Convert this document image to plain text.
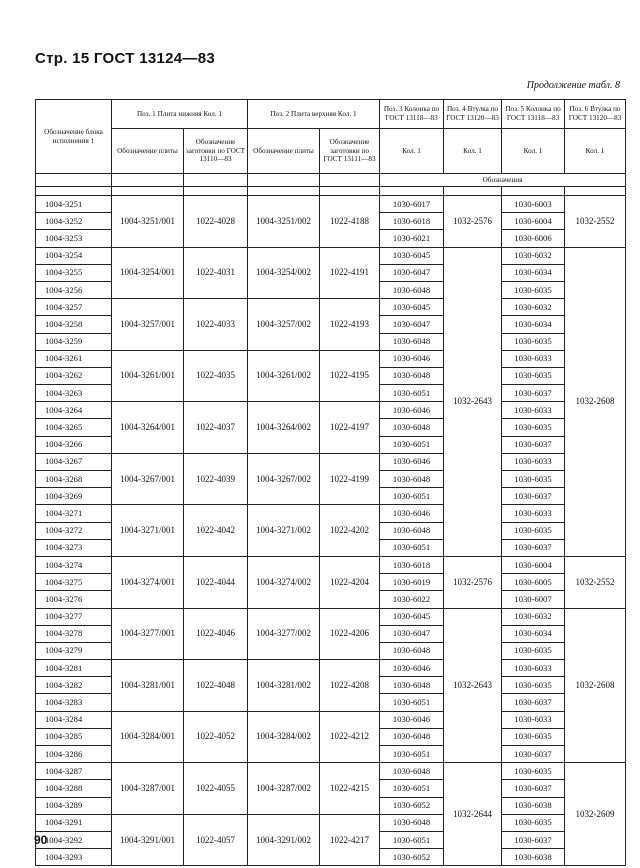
Стр. 15 ГОСТ 13124—83
Продолжение табл. 8
Обозначение блока исполнения 1	Поз. 1 Плита нижняя Кол. 1		Поз. 2 Плита верхняя Кол. 1		Поз. 3 Колонка по ГОСТ 13118—83	Поз. 4 Втулка по ГОСТ 13120—83	Поз. 5 Колонка по ГОСТ 13118—83	Поз. 6 Втулка по ГОСТ 13120—83
	Обозначение плиты	Обозначение заготовки по ГОСТ 13110—83	Обозначение плиты	Обозначение заготовки по ГОСТ 13111—83	Кол. 1	Кол. 1	Кол. 1	Кол. 1
					Обозначения			

1004-3251	1004-3251/001	1022-4028	1004-3251/002	1022-4188	1030-6017	1032-2576	1030-6003	1032-2552
1004-3252					1030-6018		1030-6004	
1004-3253					1030-6021		1030-6006	
1004-3254	1004-3254/001	1022-4031	1004-3254/002	1022-4191	1030-6045	1032-2643	1030-6032	1032-2608
1004-3255					1030-6047		1030-6034	
1004-3256					1030-6048		1030-6035	
1004-3257	1004-3257/001	1022-4033	1004-3257/002	1022-4193	1030-6045		1030-6032	
1004-3258					1030-6047		1030-6034	
1004-3259					1030-6048		1030-6035	
1004-3261	1004-3261/001	1022-4035	1004-3261/002	1022-4195	1030-6046		1030-6033	
1004-3262					1030-6048		1030-6035	
1004-3263					1030-6051		1030-6037	
1004-3264	1004-3264/001	1022-4037	1004-3264/002	1022-4197	1030-6046		1030-6033	
1004-3265					1030-6048		1030-6035	
1004-3266					1030-6051		1030-6037	
1004-3267	1004-3267/001	1022-4039	1004-3267/002	1022-4199	1030-6046		1030-6033	
1004-3268					1030-6048		1030-6035	
1004-3269					1030-6051		1030-6037	
1004-3271	1004-3271/001	1022-4042	1004-3271/002	1022-4202	1030-6046		1030-6033	
1004-3272					1030-6048		1030-6035	
1004-3273					1030-6051		1030-6037	
1004-3274	1004-3274/001	1022-4044	1004-3274/002	1022-4204	1030-6018	1032-2576	1030-6004	1032-2552
1004-3275					1030-6019		1030-6005	
1004-3276					1030-6022		1030-6007	
1004-3277	1004-3277/001	1022-4046	1004-3277/002	1022-4206	1030-6045	1032-2643	1030-6032	1032-2608
1004-3278					1030-6047		1030-6034	
1004-3279					1030-6048		1030-6035	
1004-3281	1004-3281/001	1022-4048	1004-3281/002	1022-4208	1030-6046		1030-6033	
1004-3282					1030-6048		1030-6035	
1004-3283					1030-6051		1030-6037	
1004-3284	1004-3284/001	1022-4052	1004-3284/002	1022-4212	1030-6046		1030-6033	
1004-3285					1030-6048		1030-6035	
1004-3286					1030-6051		1030-6037	
1004-3287	1004-3287/001	1022-4055	1004-3287/002	1022-4215	1030-6048	1032-2644	1030-6035	1032-2609
1004-3288					1030-6051		1030-6037	
1004-3289					1030-6052		1030-6038	
1004-3291	1004-3291/001	1022-4057	1004-3291/002	1022-4217	1030-6048		1030-6035	
1004-3292					1030-6051		1030-6037	
1004-3293					1030-6052		1030-6038	
90
